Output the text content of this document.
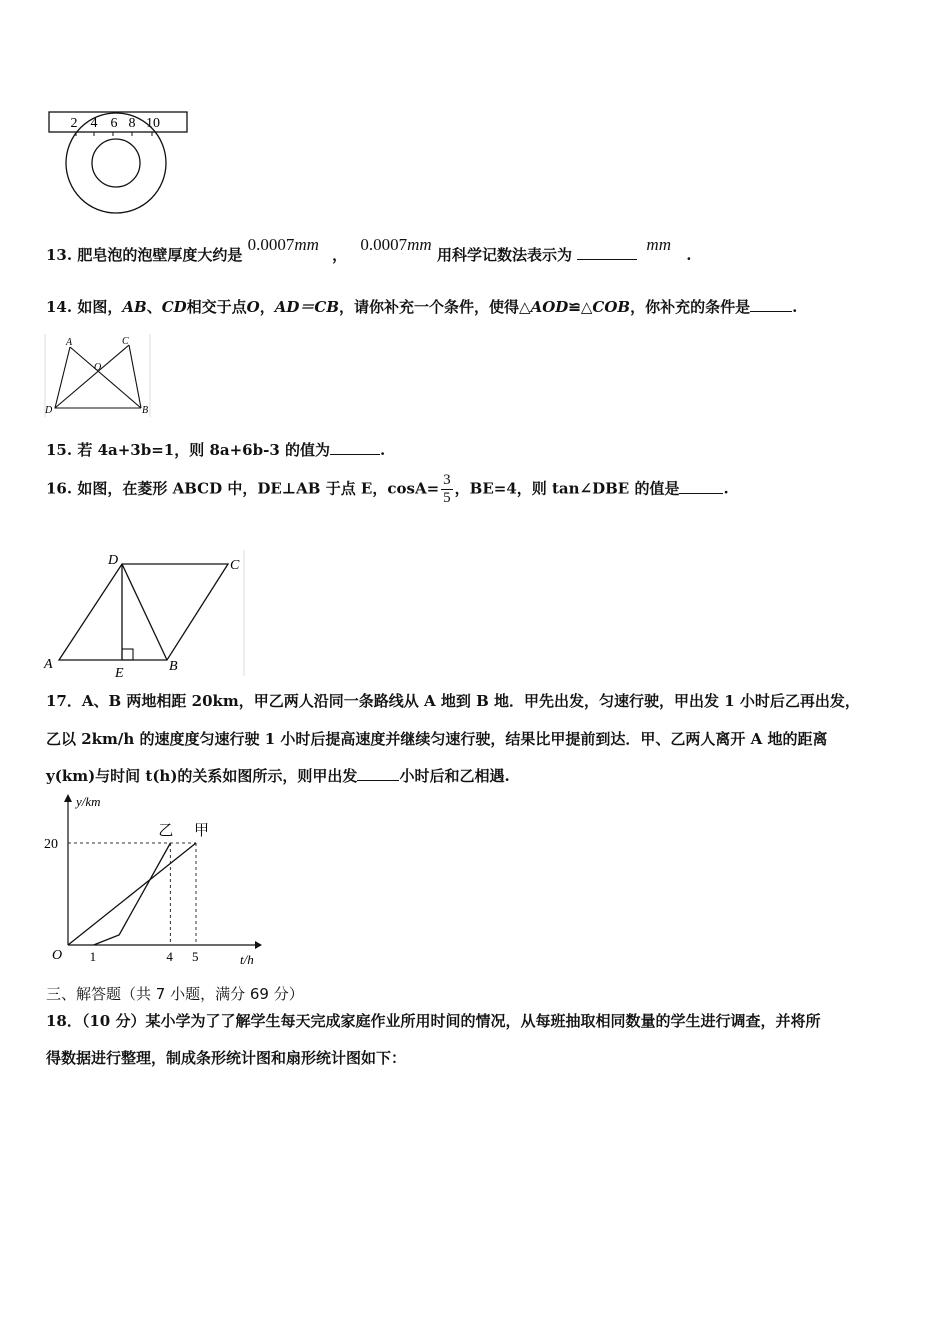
2 4 6 8 10
13. 肥皂泡的泡壁厚度大约是 0.0007mm ， 0.0007mm 用科学记数法表示为  mm .
14. 如图，AB、CD相交于点O，AD＝CB，请你补充一个条件，使得△AOD≌△COB，你补充的条件是	.
A	C
O
D	B
15. 若 4a+3b=1，则 8a+6b-3 的值为	.
16. 如图，在菱形 ABCD 中，DE⊥AB 于点 E，$\cos A= \frac{3}{5}$ ，BE=4，则 tan∠DBE 的值是	.
D	C
A
E	B
17．A、B 两地相距 20km，甲乙两人沿同一条路线从 A 地到 B 地．甲先出发，匀速行驶，甲出发 1 小时后乙再出发，
乙以 2km/h 的速度度匀速行驶 1 小时后提高速度并继续匀速行驶，结果比甲提前到达．甲、乙两人离开 A 地的距离
y(km)与时间 t(h)的关系如图所示，则甲出发	小时后和乙相遇.
y/km
t/h
O
20
1	4 5
乙 甲
三、解答题（共 7 小题，满分 69 分）
18．（10 分）某小学为了了解学生每天完成家庭作业所用时间的情况，从每班抽取相同数量的学生进行调查，并将所
得数据进行整理，制成条形统计图和扇形统计图如下：
